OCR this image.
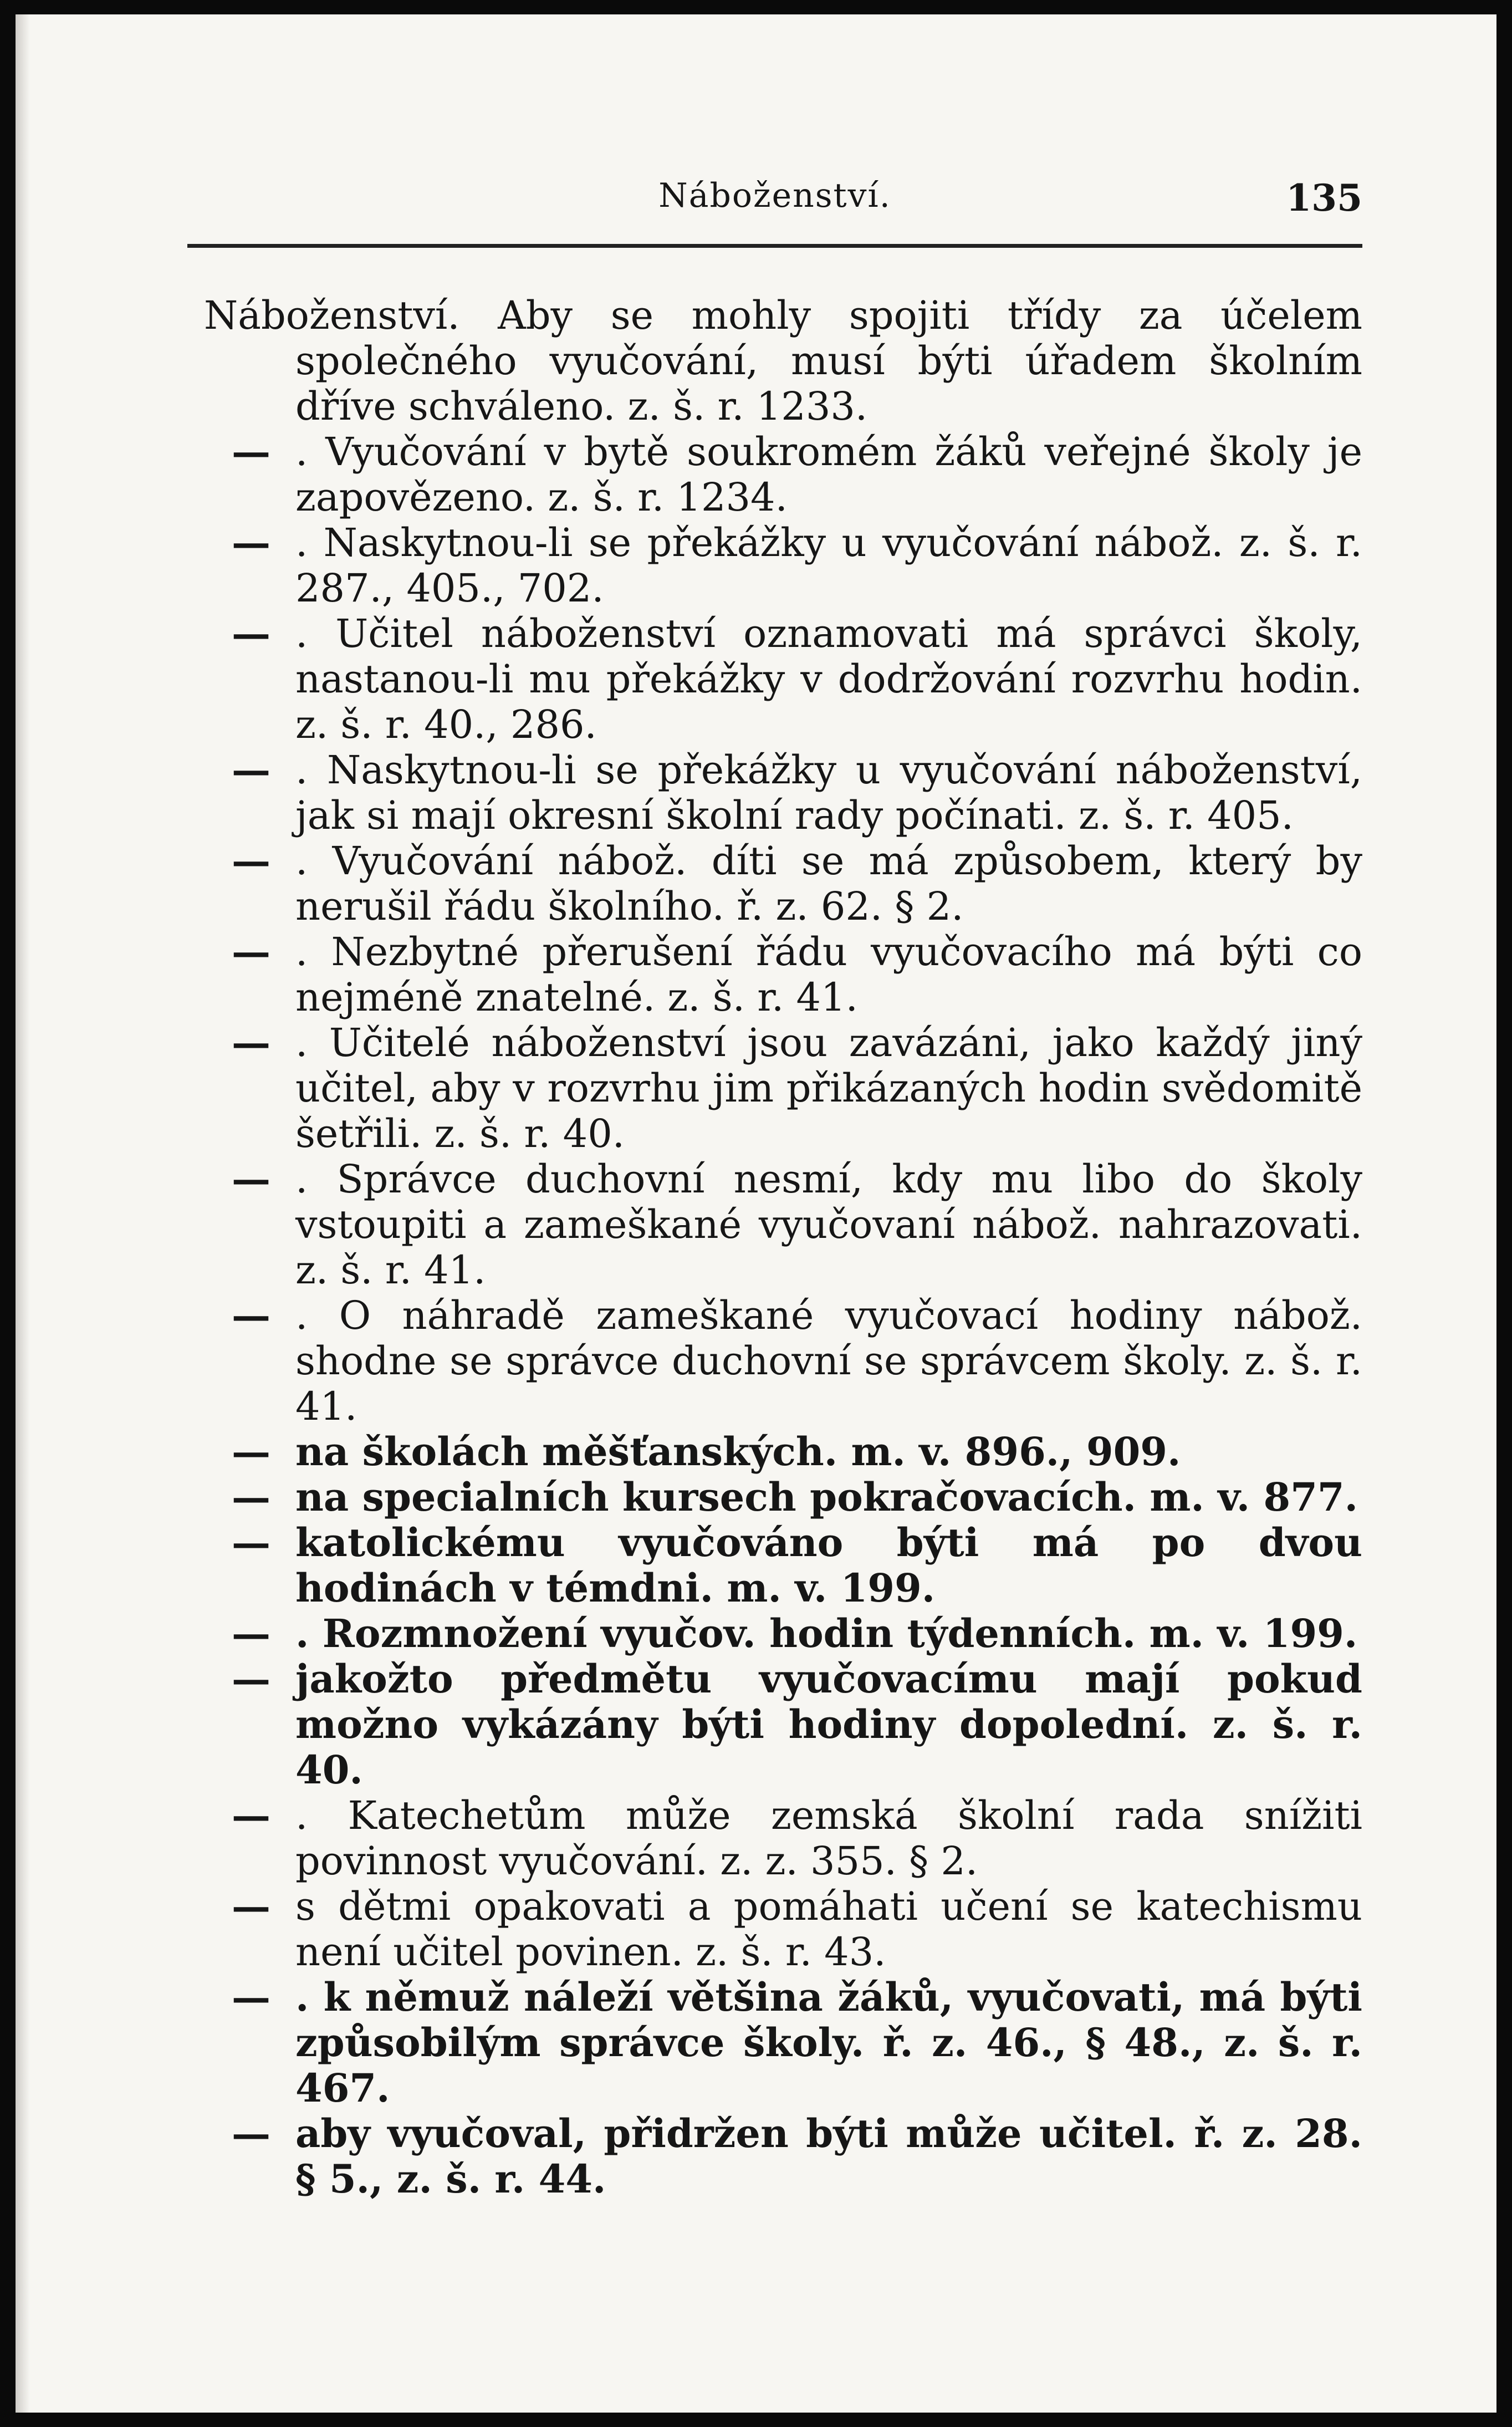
Náboženství.	135
Náboženství. Aby se mohly spojiti třídy za účelem společného vyučování, musí býti úřadem školním dříve schváleno. z. š. r. 1233.
— . Vyučování v bytě soukromém žáků veřejné školy je zapovězeno. z. š. r. 1234.
— . Naskytnou-li se překážky u vyučování nábož. z. š. r. 287., 405., 702.
— . Učitel náboženství oznamovati má správci školy, nastanou-li mu překážky v dodržování rozvrhu hodin. z. š. r. 40., 286.
— . Naskytnou-li se překážky u vyučování náboženství, jak si mají okresní školní rady počínati. z. š. r. 405.
— . Vyučování nábož. díti se má způsobem, který by nerušil řádu školního. ř. z. 62. § 2.
— . Nezbytné přerušení řádu vyučovacího má býti co nejméně znatelné. z. š. r. 41.
— . Učitelé náboženství jsou zavázáni, jako každý jiný učitel, aby v rozvrhu jim přikázaných hodin svědomitě šetřili. z. š. r. 40.
— . Správce duchovní nesmí, kdy mu libo do školy vstoupiti a zameškané vyučovaní nábož. nahrazovati. z. š. r. 41.
— . O náhradě zameškané vyučovací hodiny nábož. shodne se správce duchovní se správcem školy. z. š. r. 41.
— na školách měšťanských. m. v. 896., 909.
— na specialních kursech pokračovacích. m. v. 877.
— katolickému vyučováno býti má po dvou hodinách v témdni. m. v. 199.
— . Rozmnožení vyučov. hodin týdenních. m. v. 199.
— jakožto předmětu vyučovacímu mají pokud možno vykázány býti hodiny dopolední. z. š. r. 40.
— . Katechetům může zemská školní rada snížiti povinnost vyučování. z. z. 355. § 2.
— s dětmi opakovati a pomáhati učení se katechismu není učitel povinen. z. š. r. 43.
— . k němuž náleží většina žáků, vyučovati, má býti způsobilým správce školy. ř. z. 46., § 48., z. š. r. 467.
— aby vyučoval, přidržen býti může učitel. ř. z. 28. § 5., z. š. r. 44.
